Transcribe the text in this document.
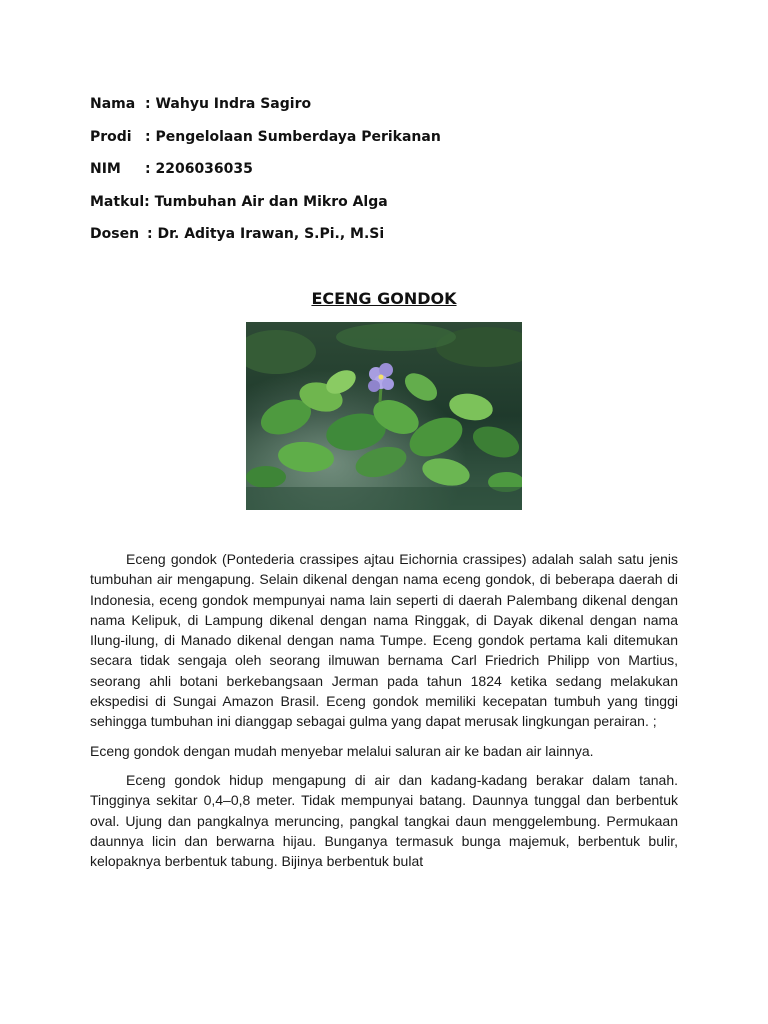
Nama : Wahyu Indra Sagiro
Prodi : Pengelolaan Sumberdaya Perikanan
NIM : 2206036035
Matkul: Tumbuhan Air dan Mikro Alga
Dosen : Dr. Aditya Irawan, S.Pi., M.Si
ECENG GONDOK

Eceng gondok (Pontederia crassipes ajtau Eichornia crassipes) adalah salah satu jenis tumbuhan air mengapung. Selain dikenal dengan nama eceng gondok, di beberapa daerah di Indonesia, eceng gondok mempunyai nama lain seperti di daerah Palembang dikenal dengan nama Kelipuk, di Lampung dikenal dengan nama Ringgak, di Dayak dikenal dengan nama Ilung-ilung, di Manado dikenal dengan nama Tumpe. Eceng gondok pertama kali ditemukan secara tidak sengaja oleh seorang ilmuwan bernama Carl Friedrich Philipp von Martius, seorang ahli botani berkebangsaan Jerman pada tahun 1824 ketika sedang melakukan ekspedisi di Sungai Amazon Brasil. Eceng gondok memiliki kecepatan tumbuh yang tinggi sehingga tumbuhan ini dianggap sebagai gulma yang dapat merusak lingkungan perairan. ;

Eceng gondok dengan mudah menyebar melalui saluran air ke badan air lainnya.

Eceng gondok hidup mengapung di air dan kadang-kadang berakar dalam tanah. Tingginya sekitar 0,4–0,8 meter. Tidak mempunyai batang. Daunnya tunggal dan berbentuk oval. Ujung dan pangkalnya meruncing, pangkal tangkai daun menggelembung. Permukaan daunnya licin dan berwarna hijau. Bunganya termasuk bunga majemuk, berbentuk bulir, kelopaknya berbentuk tabung. Bijinya berbentuk bulat
